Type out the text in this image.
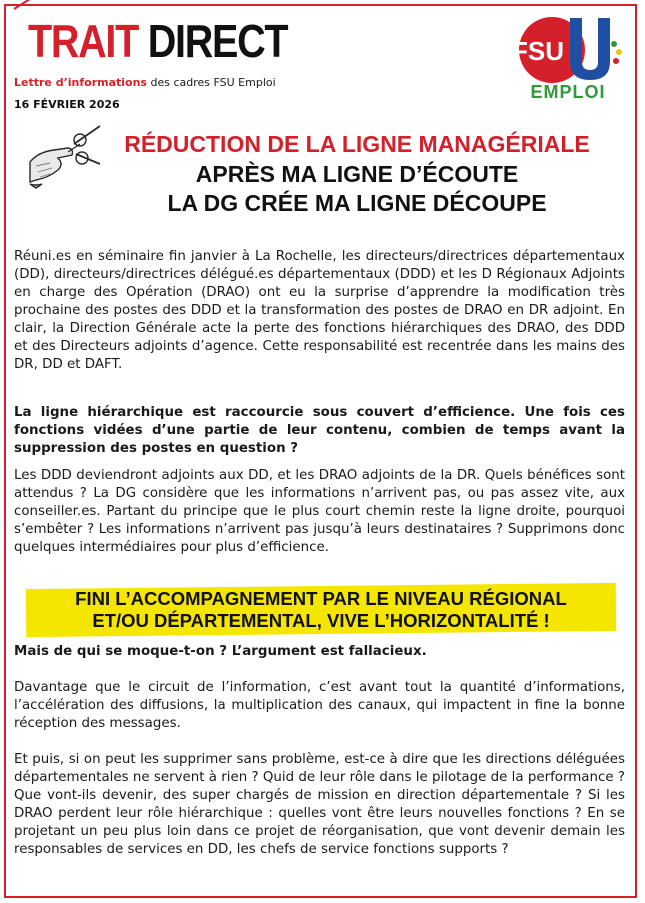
TRAIT DIRECT
Lettre d’informations des cadres FSU Emploi
16 FÉVRIER 2026
FSU
EMPLOI
RÉDUCTION DE LA LIGNE MANAGÉRIALE
APRÈS MA LIGNE D’ÉCOUTE
LA DG CRÉE MA LIGNE DÉCOUPE

Réuni.es en séminaire fin janvier à La Rochelle, les directeurs/directrices départementaux (DD), directeurs/directrices délégué.es départementaux (DDD) et les D Régionaux Adjoints en charge des Opération (DRAO) ont eu la surprise d’apprendre la modification très prochaine des postes des DDD et la transformation des postes de DRAO en DR adjoint. En clair, la Direction Générale acte la perte des fonctions hiérarchiques des DRAO, des DDD et des Directeurs adjoints d’agence. Cette responsabilité est recentrée dans les mains des DR, DD et DAFT.

La ligne hiérarchique est raccourcie sous couvert d’efficience. Une fois ces fonctions vidées d’une partie de leur contenu, combien de temps avant la suppression des postes en question ?

Les DDD deviendront adjoints aux DD, et les DRAO adjoints de la DR. Quels bénéfices sont attendus ? La DG considère que les informations n’arrivent pas, ou pas assez vite, aux conseiller.es. Partant du principe que le plus court chemin reste la ligne droite, pourquoi s’embêter ? Les informations n’arrivent pas jusqu’à leurs destinataires ? Supprimons donc quelques intermédiaires pour plus d’efficience.

FINI L’ACCOMPAGNEMENT PAR LE NIVEAU RÉGIONAL
ET/OU DÉPARTEMENTAL, VIVE L’HORIZONTALITÉ !

Mais de qui se moque-t-on ? L’argument est fallacieux.

Davantage que le circuit de l’information, c’est avant tout la quantité d’informations, l’accélération des diffusions, la multiplication des canaux, qui impactent in fine la bonne réception des messages.

Et puis, si on peut les supprimer sans problème, est-ce à dire que les directions déléguées départementales ne servent à rien ? Quid de leur rôle dans le pilotage de la performance ? Que vont-ils devenir, des super chargés de mission en direction départementale ? Si les DRAO perdent leur rôle hiérarchique : quelles vont être leurs nouvelles fonctions ? En se projetant un peu plus loin dans ce projet de réorganisation, que vont devenir demain les responsables de services en DD, les chefs de service fonctions supports ?
